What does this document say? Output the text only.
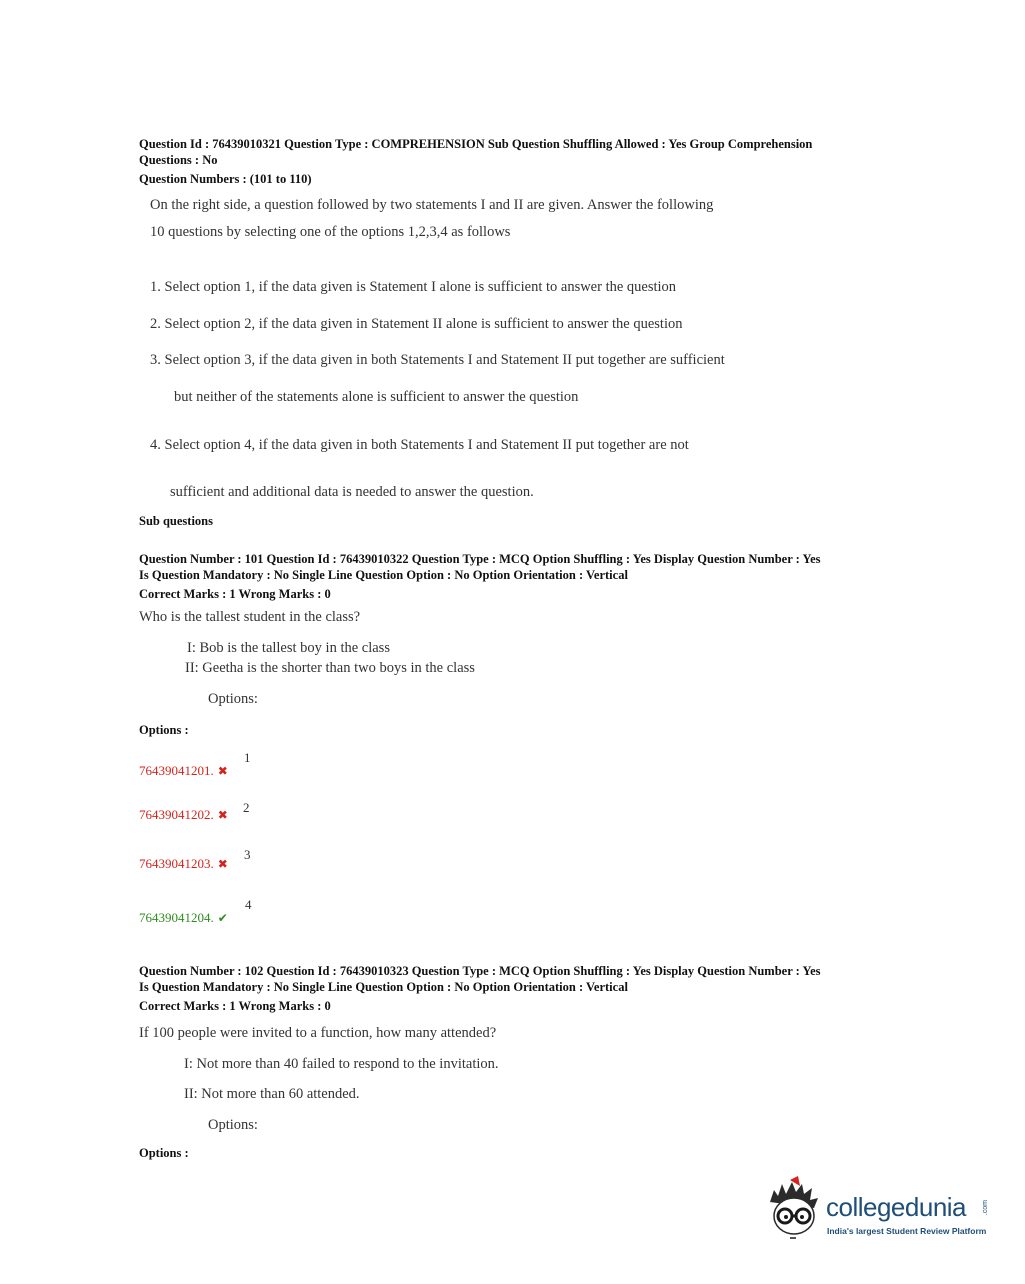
Question Id : 76439010321 Question Type : COMPREHENSION Sub Question Shuffling Allowed : Yes Group Comprehension
Questions : No
Question Numbers : (101 to 110)
On the right side, a question followed by two statements I and II are given. Answer the following
10 questions by selecting one of the options 1,2,3,4 as follows
1. Select option 1, if the data given is Statement I alone is sufficient to answer the question
2. Select option 2, if the data given in Statement II alone is sufficient to answer the question
3. Select option 3, if the data given in both Statements I and Statement II put together are sufficient
but neither of the statements alone is sufficient to answer the question
4. Select option 4, if the data given in both Statements I and Statement II put together are not
sufficient and additional data is needed to answer the question.
Sub questions
Question Number : 101 Question Id : 76439010322 Question Type : MCQ Option Shuffling : Yes Display Question Number : Yes
Is Question Mandatory : No Single Line Question Option : No Option Orientation : Vertical
Correct Marks : 1 Wrong Marks : 0
Who is the tallest student in the class?
I: Bob is the tallest boy in the class
II: Geetha is the shorter than two boys in the class
Options:
Options :
76439041201. ✖
1
76439041202. ✖ 2
76439041203. ✖
3
76439041204. ✔
4
Question Number : 102 Question Id : 76439010323 Question Type : MCQ Option Shuffling : Yes Display Question Number : Yes
Is Question Mandatory : No Single Line Question Option : No Option Orientation : Vertical
Correct Marks : 1 Wrong Marks : 0
If 100 people were invited to a function, how many attended?
I: Not more than 40 failed to respond to the invitation.
II: Not more than 60 attended.
Options:
Options :
collegedunia .com
India's largest Student Review Platform
